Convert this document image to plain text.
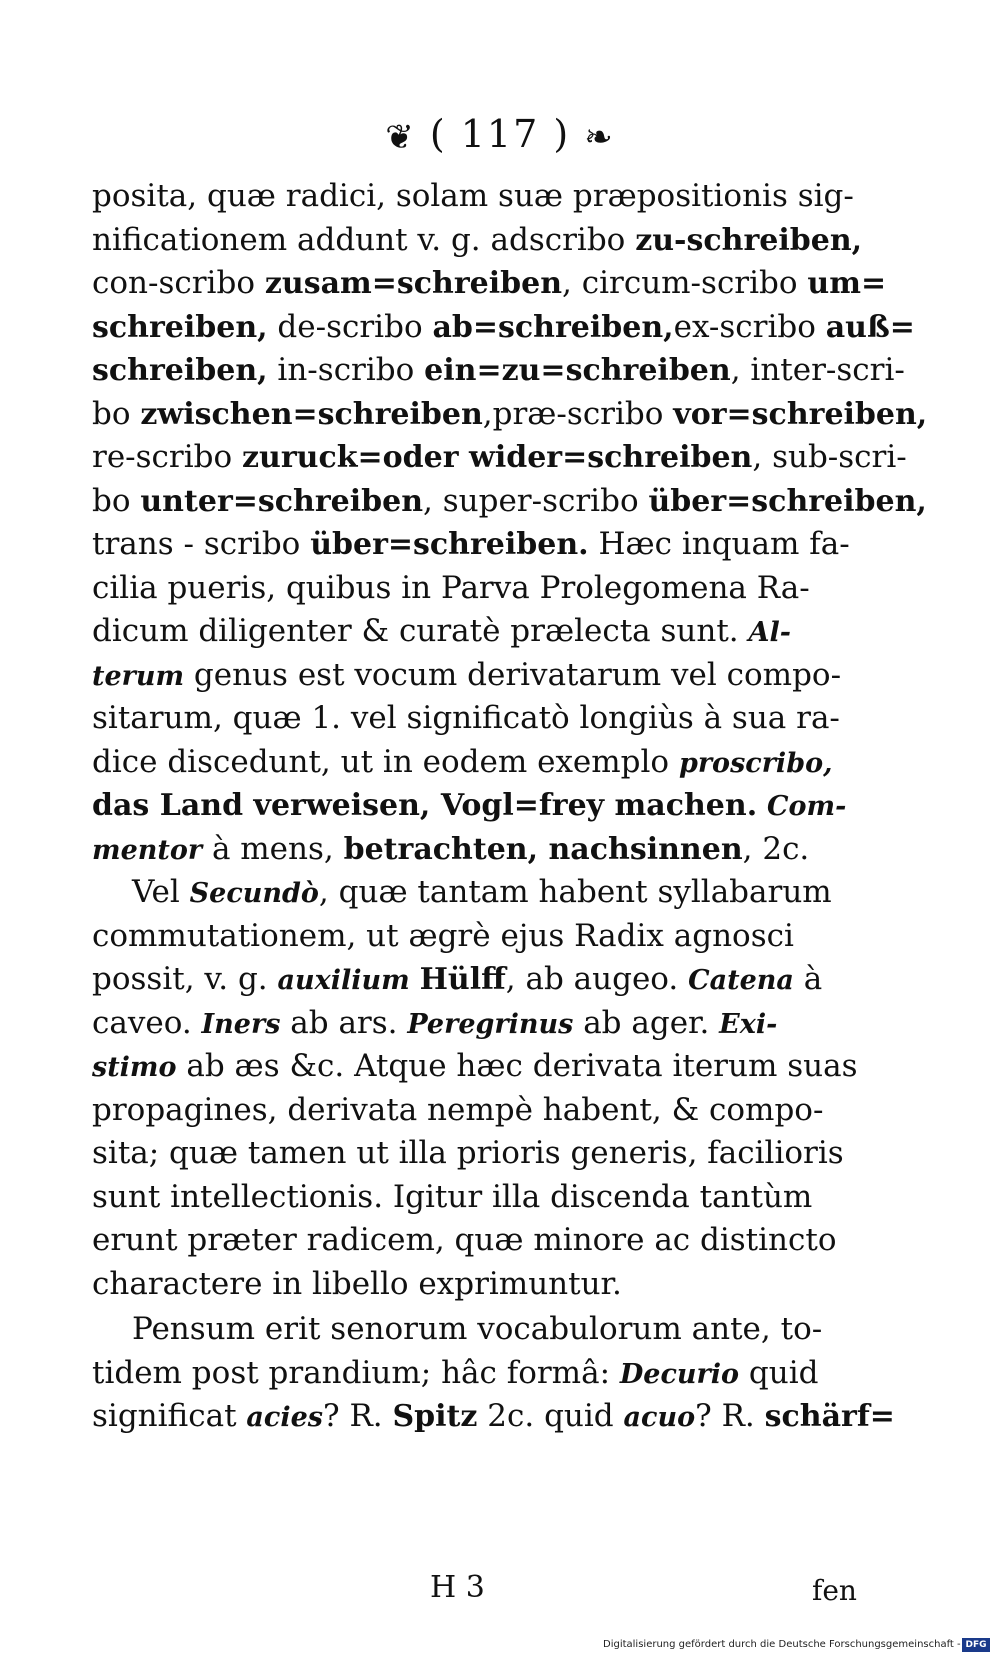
❦ ( 117 ) ❧
posita, quæ radici, solam suæ præpositionis sig-
nificationem addunt v. g. adscribo zu-schreiben,
con-scribo zusam=schreiben, circum-scribo um=
schreiben, de-scribo ab=schreiben,ex-scribo auß=
schreiben, in-scribo ein=zu=schreiben, inter-scri-
bo zwischen=schreiben,præ-scribo vor=schreiben,
re-scribo zuruck=oder wider=schreiben, sub-scri-
bo unter=schreiben, super-scribo über=schreiben,
trans - scribo über=schreiben. Hæc inquam fa-
cilia pueris, quibus in Parva Prolegomena Ra-
dicum diligenter & curatè prælecta sunt. Al-
terum genus est vocum derivatarum vel compo-
sitarum, quæ 1. vel significatò longiùs à sua ra-
dice discedunt, ut in eodem exemplo proscribo,
das Land verweisen, Vogl=frey machen. Com-
mentor à mens, betrachten, nachsinnen, 2c.
Vel Secundò, quæ tantam habent syllabarum
commutationem, ut ægrè ejus Radix agnosci
possit, v. g. auxilium Hülff, ab augeo. Catena à
caveo. Iners ab ars. Peregrinus ab ager. Exi-
stimo ab æs &c. Atque hæc derivata iterum suas
propagines, derivata nempè habent, & compo-
sita; quæ tamen ut illa prioris generis, facilioris
sunt intellectionis. Igitur illa discenda tantùm
erunt præter radicem, quæ minore ac distincto
charactere in libello exprimuntur.
Pensum erit senorum vocabulorum ante, to-
tidem post prandium; hâc formâ: Decurio quid
significat acies? R. Spitz 2c. quid acuo? R. schärf=
H 3	fen
Digitalisierung gefördert durch die Deutsche Forschungsgemeinschaft - DFG
